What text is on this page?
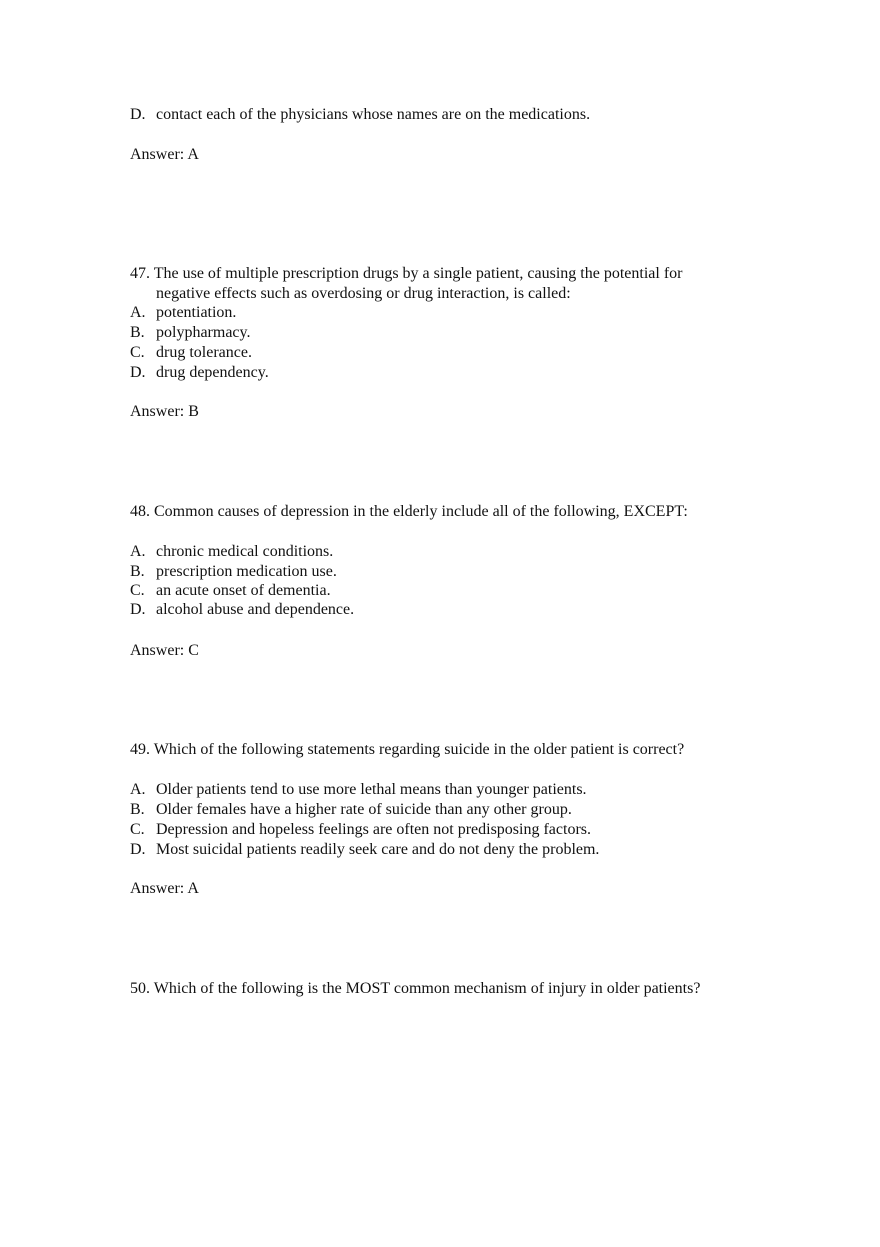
D. contact each of the physicians whose names are on the medications.
Answer: A
47. The use of multiple prescription drugs by a single patient, causing the potential for
negative effects such as overdosing or drug interaction, is called:
A. potentiation.
B. polypharmacy.
C. drug tolerance.
D. drug dependency.
Answer: B
48. Common causes of depression in the elderly include all of the following, EXCEPT:
A. chronic medical conditions.
B. prescription medication use.
C. an acute onset of dementia.
D. alcohol abuse and dependence.
Answer: C
49. Which of the following statements regarding suicide in the older patient is correct?
A. Older patients tend to use more lethal means than younger patients.
B. Older females have a higher rate of suicide than any other group.
C. Depression and hopeless feelings are often not predisposing factors.
D. Most suicidal patients readily seek care and do not deny the problem.
Answer: A
50. Which of the following is the MOST common mechanism of injury in older patients?
